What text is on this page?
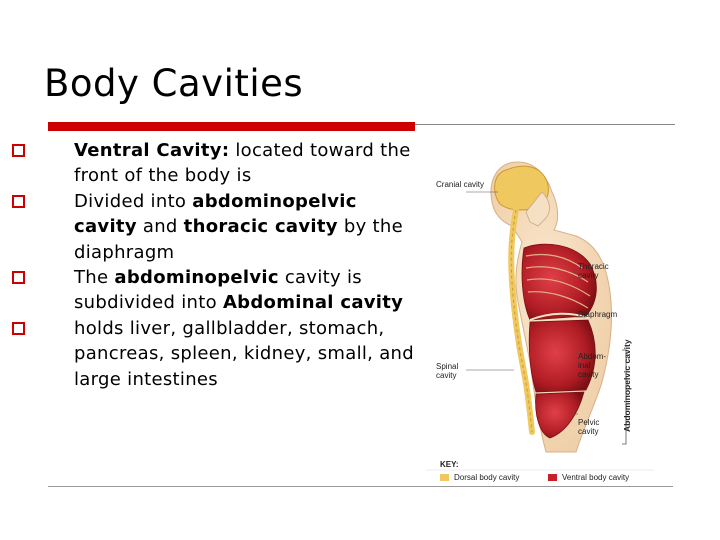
Body Cavities
Ventral Cavity: located toward the front of the body is
Divided into abdominopelvic cavity and thoracic cavity by the diaphragm
The abdominopelvic cavity is subdivided into Abdominal cavity
holds liver, gallbladder, stomach, pancreas, spleen, kidney, small, and large intestines
Cranial cavity
Thoracic cavity
Diaphragm
Abdom-inal cavity
Spinal cavity
Pelvic cavity	Abdominopelvic cavity
KEY:
Dorsal body cavity	Ventral body cavity
